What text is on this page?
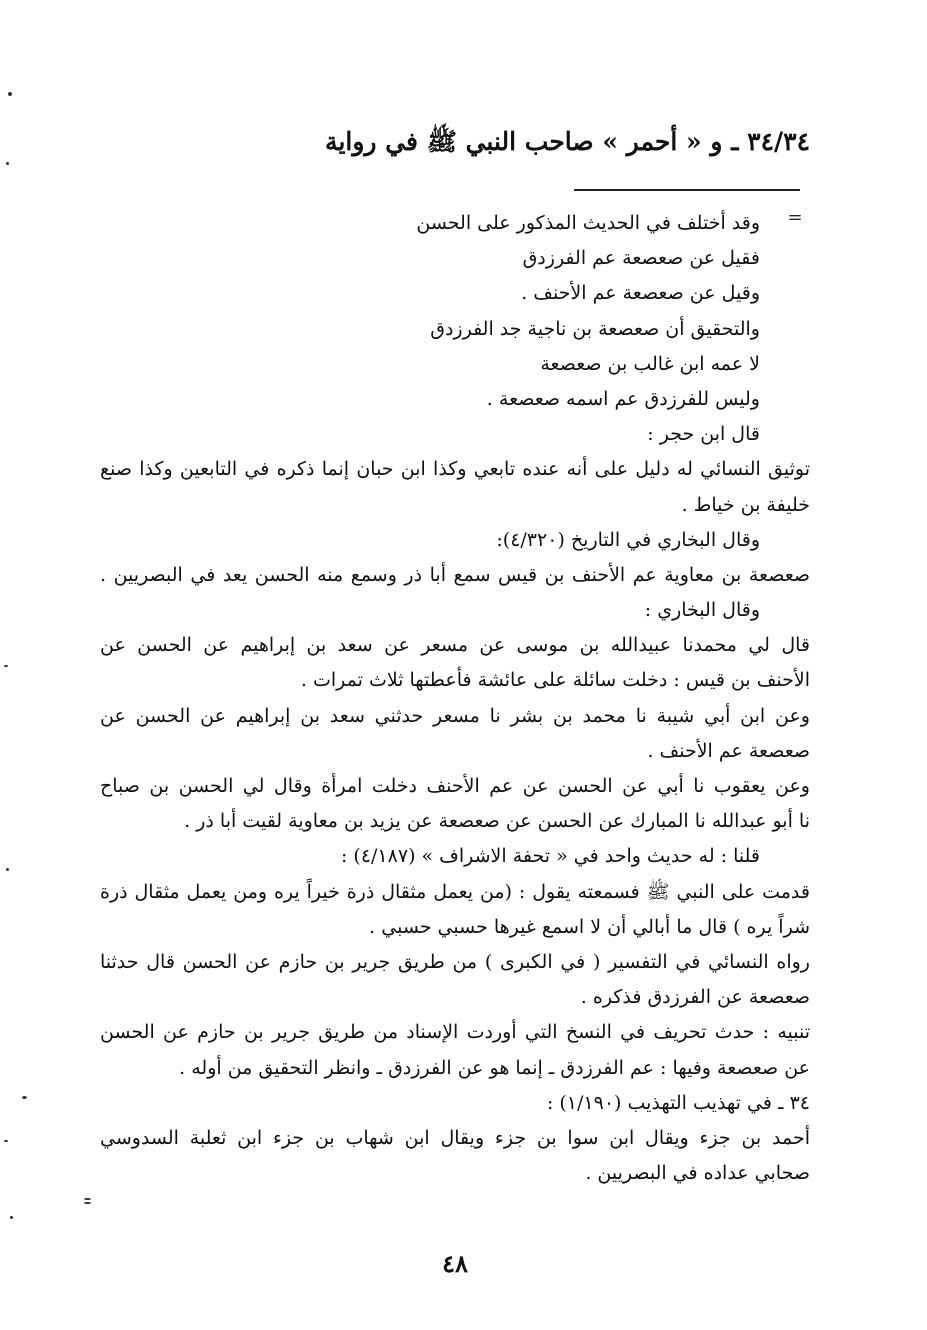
٣٤/٣٤ ـ و « أحمر » صاحب النبي ﷺ في رواية
=
وقد أختلف في الحديث المذكور على الحسن
فقيل عن صعصعة عم الفرزدق
وقيل عن صعصعة عم الأحنف .
والتحقيق أن صعصعة بن ناجية جد الفرزدق
لا عمه ابن غالب بن صعصعة
وليس للفرزدق عم اسمه صعصعة .
قال ابن حجر :
توثيق النسائي له دليل على أنه عنده تابعي وكذا ابن حبان إنما ذكره في التابعين وكذا صنع
خليفة بن خياط .
وقال البخاري في التاريخ (٤/٣٢٠):
صعصعة بن معاوية عم الأحنف بن قيس سمع أبا ذر وسمع منه الحسن يعد في البصريين .
وقال البخاري :
قال لي محمدنا عبيدالله بن موسى عن مسعر عن سعد بن إبراهيم عن الحسن عن
الأحنف بن قيس : دخلت سائلة على عائشة فأعطتها ثلاث تمرات .
وعن ابن أبي شيبة نا محمد بن بشر نا مسعر حدثني سعد بن إبراهيم عن الحسن عن
صعصعة عم الأحنف .
وعن يعقوب نا أبي عن الحسن عن عم الأحنف دخلت امرأة وقال لي الحسن بن صباح
نا أبو عبدالله نا المبارك عن الحسن عن صعصعة عن يزيد بن معاوية لقيت أبا ذر .
قلنا : له حديث واحد في « تحفة الاشراف » (٤/١٨٧) :
قدمت على النبي ﷺ فسمعته يقول : (من يعمل مثقال ذرة خيراً يره ومن يعمل مثقال ذرة
شراً يره ) قال ما أبالي أن لا اسمع غيرها حسبي حسبي .
رواه النسائي في التفسير ( في الكبرى ) من طريق جرير بن حازم عن الحسن قال حدثنا
صعصعة عن الفرزدق فذكره .
تنبيه : حدث تحريف في النسخ التي أوردت الإسناد من طريق جرير بن حازم عن الحسن
عن صعصعة وفيها : عم الفرزدق ـ إنما هو عن الفرزدق ـ وانظر التحقيق من أوله .
٣٤ ـ في تهذيب التهذيب (١/١٩٠) :
أحمد بن جزء ويقال ابن سوا بن جزء ويقال ابن شهاب بن جزء ابن ثعلبة السدوسي
صحابي عداده في البصريين .
٤٨
